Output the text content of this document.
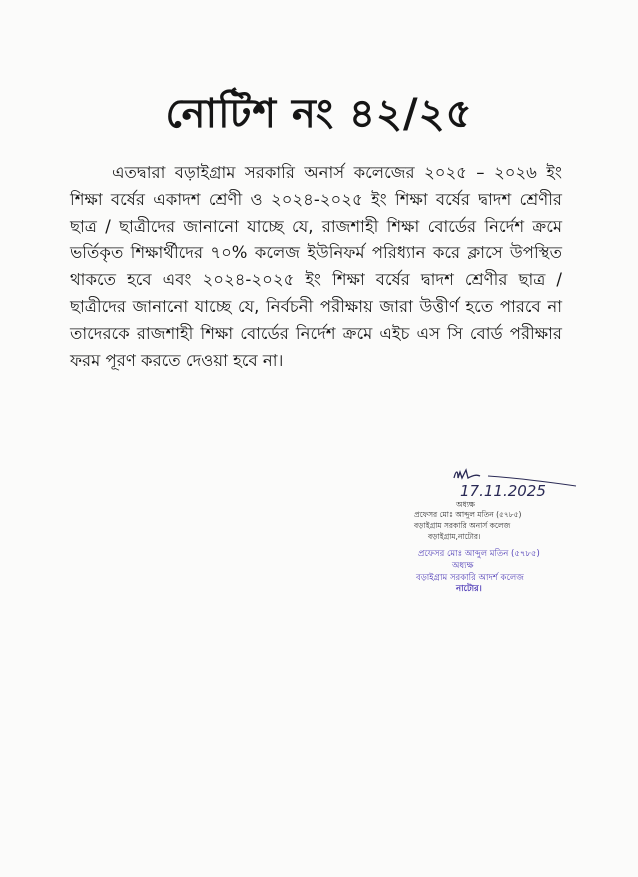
নোটিশ নং ৪২/২৫
এতদ্বারা বড়াইগ্রাম সরকারি অনার্স কলেজের ২০২৫ – ২০২৬ ইং শিক্ষা বর্ষের একাদশ শ্রেণী ও ২০২৪-২০২৫ ইং শিক্ষা বর্ষের দ্বাদশ শ্রেণীর ছাত্র / ছাত্রীদের জানানো যাচ্ছে যে, রাজশাহী শিক্ষা বোর্ডের নির্দেশ ক্রমে ভর্তিকৃত শিক্ষার্থীদের ৭০% কলেজ ইউনিফর্ম পরিধ্যান করে ক্লাসে উপস্থিত থাকতে হবে এবং ২০২৪-২০২৫ ইং শিক্ষা বর্ষের দ্বাদশ শ্রেণীর ছাত্র / ছাত্রীদের জানানো যাচ্ছে যে, নির্বচনী পরীক্ষায় জারা উত্তীর্ণ হতে পারবে না তাদেরকে রাজশাহী শিক্ষা বোর্ডের নির্দেশ ক্রমে এইচ এস সি বোর্ড পরীক্ষার ফরম পূরণ করতে দেওয়া হবে না।
17.11.2025
অধ্যক্ষ
প্রফেসর মোঃ আব্দুল মতিন (৫৭৮৫)
বড়াইগ্রাম সরকারি অনার্স কলেজ
বড়াইগ্রাম,নাটোর।
প্রফেসর মোঃ আব্দুল মতিন (৫৭৮৫)
অধ্যক্ষ
বড়াইগ্রাম সরকারি আদর্শ কলেজ
নাটোর।
